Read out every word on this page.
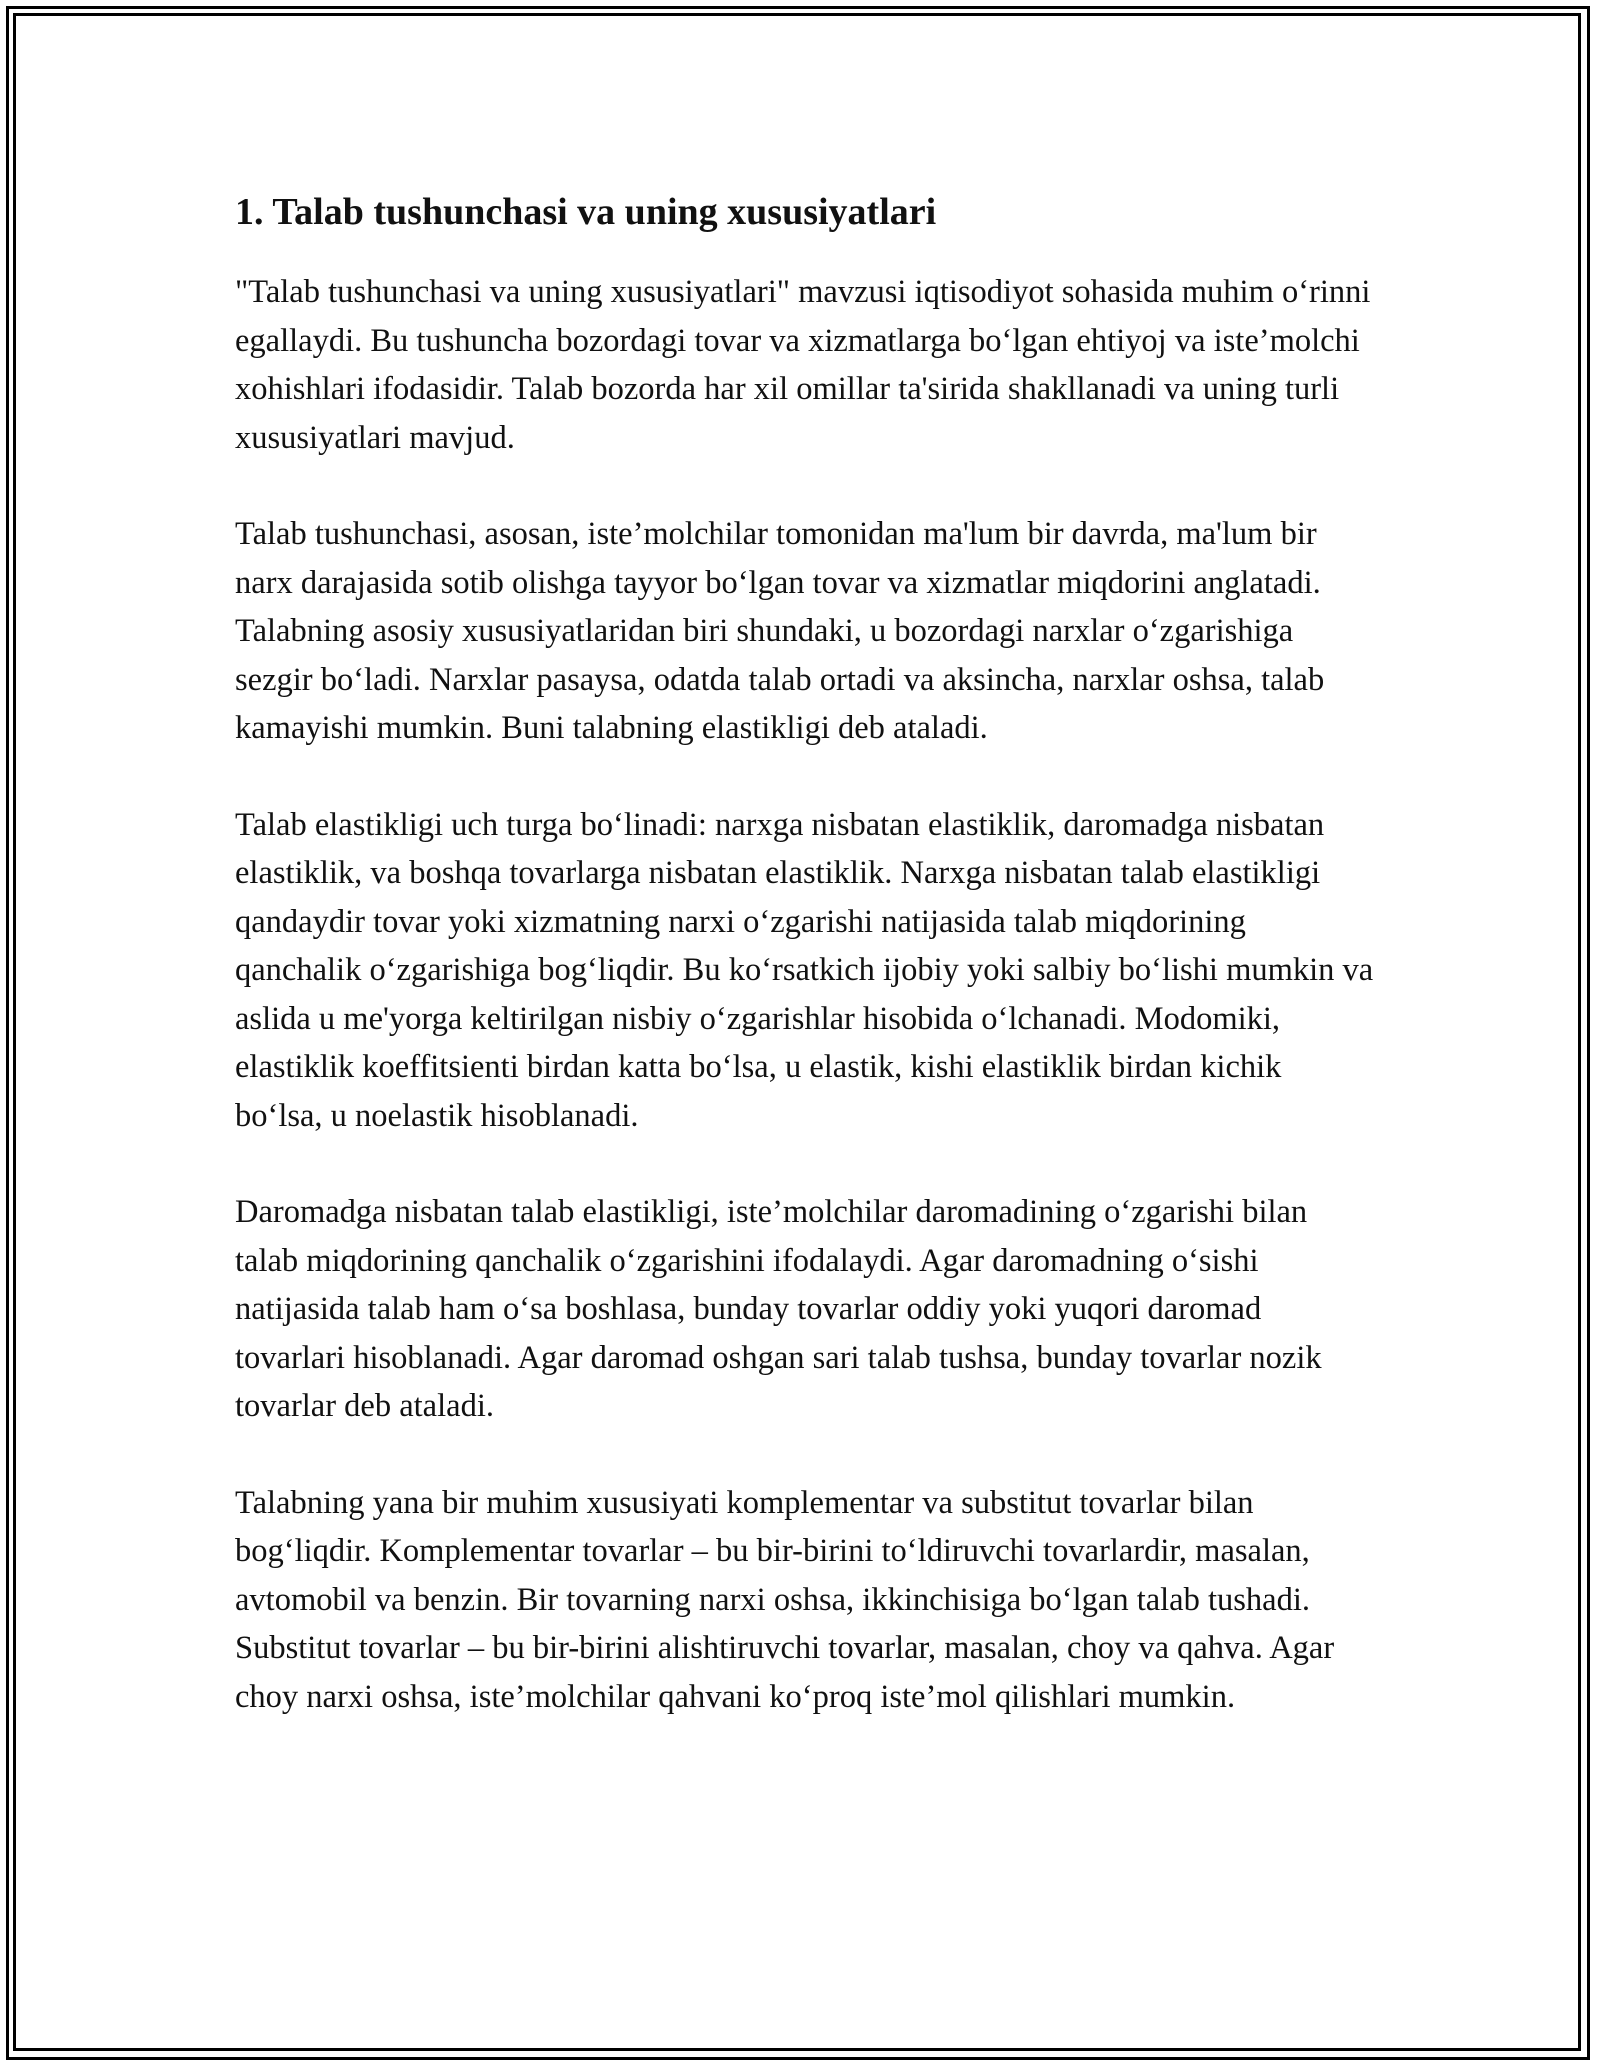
1. Talab tushunchasi va uning xususiyatlari

"Talab tushunchasi va uning xususiyatlari" mavzusi iqtisodiyot sohasida muhim oʻrinni egallaydi. Bu tushuncha bozordagi tovar va xizmatlarga boʻlgan ehtiyoj va iste’molchi xohishlari ifodasidir. Talab bozorda har xil omillar ta'sirida shakllanadi va uning turli xususiyatlari mavjud.

Talab tushunchasi, asosan, iste’molchilar tomonidan ma'lum bir davrda, ma'lum bir narx darajasida sotib olishga tayyor boʻlgan tovar va xizmatlar miqdorini anglatadi. Talabning asosiy xususiyatlaridan biri shundaki, u bozordagi narxlar oʻzgarishiga sezgir boʻladi. Narxlar pasaysa, odatda talab ortadi va aksincha, narxlar oshsa, talab kamayishi mumkin. Buni talabning elastikligi deb ataladi.

Talab elastikligi uch turga boʻlinadi: narxga nisbatan elastiklik, daromadga nisbatan elastiklik, va boshqa tovarlarga nisbatan elastiklik. Narxga nisbatan talab elastikligi qandaydir tovar yoki xizmatning narxi oʻzgarishi natijasida talab miqdorining qanchalik oʻzgarishiga bogʻliqdir. Bu koʻrsatkich ijobiy yoki salbiy boʻlishi mumkin va aslida u me'yorga keltirilgan nisbiy oʻzgarishlar hisobida oʻlchanadi. Modomiki, elastiklik koeffitsienti birdan katta boʻlsa, u elastik, kishi elastiklik birdan kichik boʻlsa, u noelastik hisoblanadi.

Daromadga nisbatan talab elastikligi, iste’molchilar daromadining oʻzgarishi bilan talab miqdorining qanchalik oʻzgarishini ifodalaydi. Agar daromadning oʻsishi natijasida talab ham oʻsa boshlasa, bunday tovarlar oddiy yoki yuqori daromad tovarlari hisoblanadi. Agar daromad oshgan sari talab tushsa, bunday tovarlar nozik tovarlar deb ataladi.

Talabning yana bir muhim xususiyati komplementar va substitut tovarlar bilan bogʻliqdir. Komplementar tovarlar – bu bir-birini toʻldiruvchi tovarlardir, masalan, avtomobil va benzin. Bir tovarning narxi oshsa, ikkinchisiga boʻlgan talab tushadi. Substitut tovarlar – bu bir-birini alishtiruvchi tovarlar, masalan, choy va qahva. Agar choy narxi oshsa, iste’molchilar qahvani koʻproq iste’mol qilishlari mumkin.
